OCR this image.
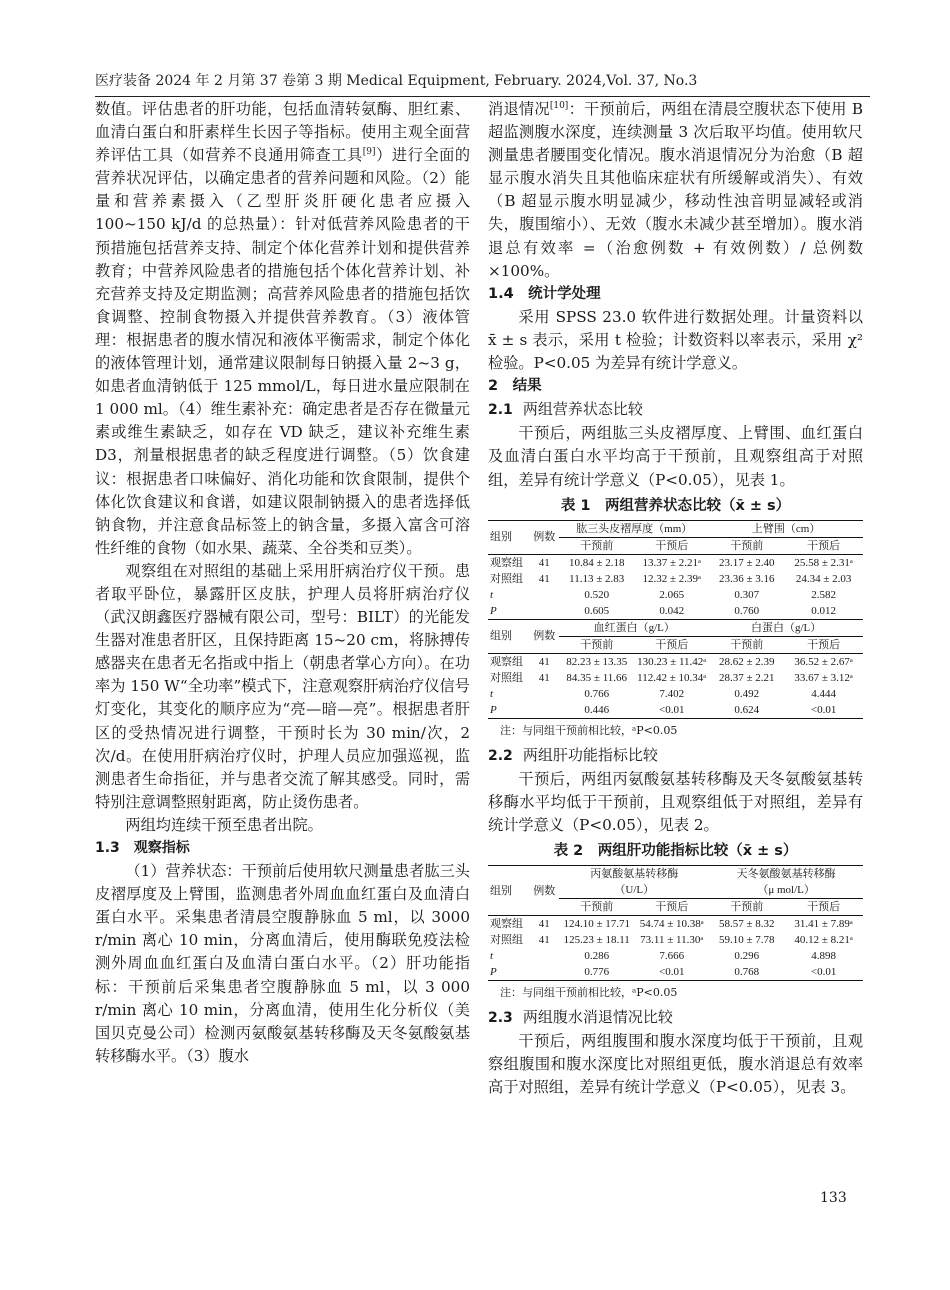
医疗装备 2024 年 2 月第 37 卷第 3 期 Medical Equipment, February. 2024,Vol. 37, No.3

数值。评估患者的肝功能，包括血清转氨酶、胆红素、血清白蛋白和肝素样生长因子等指标。使用主观全面营养评估工具（如营养不良通用筛查工具[9]）进行全面的营养状况评估，以确定患者的营养问题和风险。（2）能量和营养素摄入（乙型肝炎肝硬化患者应摄入 100~150 kJ/d 的总热量）：针对低营养风险患者的干预措施包括营养支持、制定个体化营养计划和提供营养教育；中营养风险患者的措施包括个体化营养计划、补充营养支持及定期监测；高营养风险患者的措施包括饮食调整、控制食物摄入并提供营养教育。（3）液体管理：根据患者的腹水情况和液体平衡需求，制定个体化的液体管理计划，通常建议限制每日钠摄入量 2~3 g，如患者血清钠低于 125 mmol/L，每日进水量应限制在 1 000 ml。（4）维生素补充：确定患者是否存在微量元素或维生素缺乏，如存在 VD 缺乏，建议补充维生素 D3，剂量根据患者的缺乏程度进行调整。（5）饮食建议：根据患者口味偏好、消化功能和饮食限制，提供个体化饮食建议和食谱，如建议限制钠摄入的患者选择低钠食物，并注意食品标签上的钠含量，多摄入富含可溶性纤维的食物（如水果、蔬菜、全谷类和豆类）。

观察组在对照组的基础上采用肝病治疗仪干预。患者取平卧位，暴露肝区皮肤，护理人员将肝病治疗仪（武汉朗鑫医疗器械有限公司，型号：BILT）的光能发生器对准患者肝区，且保持距离 15~20 cm，将脉搏传感器夹在患者无名指或中指上（朝患者掌心方向）。在功率为 150 W“全功率”模式下，注意观察肝病治疗仪信号灯变化，其变化的顺序应为“亮—暗—亮”。根据患者肝区的受热情况进行调整，干预时长为 30 min/次，2 次/d。在使用肝病治疗仪时，护理人员应加强巡视，监测患者生命指征，并与患者交流了解其感受。同时，需特别注意调整照射距离，防止烫伤患者。

两组均连续干预至患者出院。

1.3　观察指标

（1）营养状态：干预前后使用软尺测量患者肱三头皮褶厚度及上臂围，监测患者外周血血红蛋白及血清白蛋白水平。采集患者清晨空腹静脉血 5 ml，以 3000 r/min 离心 10 min，分离血清后，使用酶联免疫法检测外周血血红蛋白及血清白蛋白水平。（2）肝功能指标：干预前后采集患者空腹静脉血 5 ml，以 3 000 r/min 离心 10 min，分离血清，使用生化分析仪（美国贝克曼公司）检测丙氨酸氨基转移酶及天冬氨酸氨基转移酶水平。（3）腹水

消退情况[10]：干预前后，两组在清晨空腹状态下使用 B 超监测腹水深度，连续测量 3 次后取平均值。使用软尺测量患者腰围变化情况。腹水消退情况分为治愈（B 超显示腹水消失且其他临床症状有所缓解或消失）、有效（B 超显示腹水明显减少，移动性浊音明显减轻或消失，腹围缩小）、无效（腹水未减少甚至增加）。腹水消退总有效率 =（治愈例数 + 有效例数）/ 总例数 ×100%。

1.4　统计学处理

采用 SPSS 23.0 软件进行数据处理。计量资料以 x̄ ± s 表示，采用 t 检验；计数资料以率表示，采用 χ² 检验。P<0.05 为差异有统计学意义。

2　结果

2.1 两组营养状态比较

干预后，两组肱三头皮褶厚度、上臂围、血红蛋白及血清白蛋白水平均高于干预前，且观察组高于对照组，差异有统计学意义（P<0.05），见表 1。

表 1　两组营养状态比较（x̄ ± s）
组别	例数	肱三头皮褶厚度（mm）		上臂围（cm）	
		干预前	干预后	干预前	干预后
观察组	41	10.84 ± 2.18	13.37 ± 2.21ᵃ	23.17 ± 2.40	25.58 ± 2.31ᵃ
对照组	41	11.13 ± 2.83	12.32 ± 2.39ᵃ	23.36 ± 3.16	24.34 ± 2.03
t		0.520	2.065	0.307	2.582
P		0.605	0.042	0.760	0.012
组别	例数	血红蛋白（g/L）		白蛋白（g/L）	
		干预前	干预后	干预前	干预后
观察组	41	82.23 ± 13.35	130.23 ± 11.42ᵃ	28.62 ± 2.39	36.52 ± 2.67ᵃ
对照组	41	84.35 ± 11.66	112.42 ± 10.34ᵃ	28.37 ± 2.21	33.67 ± 3.12ᵃ
t		0.766	7.402	0.492	4.444
P		0.446	<0.01	0.624	<0.01
注：与同组干预前相比较，ᵃP<0.05

2.2 两组肝功能指标比较

干预后，两组丙氨酸氨基转移酶及天冬氨酸氨基转移酶水平均低于干预前，且观察组低于对照组，差异有统计学意义（P<0.05），见表 2。

表 2　两组肝功能指标比较（x̄ ± s）
组别	例数	丙氨酸氨基转移酶		天冬氨酸氨基转移酶	
		（U/L）		（μ mol/L）	
		干预前	干预后	干预前	干预后
观察组	41	124.10 ± 17.71	54.74 ± 10.38ᵃ	58.57 ± 8.32	31.41 ± 7.89ᵃ
对照组	41	125.23 ± 18.11	73.11 ± 11.30ᵃ	59.10 ± 7.78	40.12 ± 8.21ᵃ
t		0.286	7.666	0.296	4.898
P		0.776	<0.01	0.768	<0.01
注：与同组干预前相比较，ᵃP<0.05

2.3 两组腹水消退情况比较

干预后，两组腹围和腹水深度均低于干预前，且观察组腹围和腹水深度比对照组更低，腹水消退总有效率高于对照组，差异有统计学意义（P<0.05），见表 3。

133
